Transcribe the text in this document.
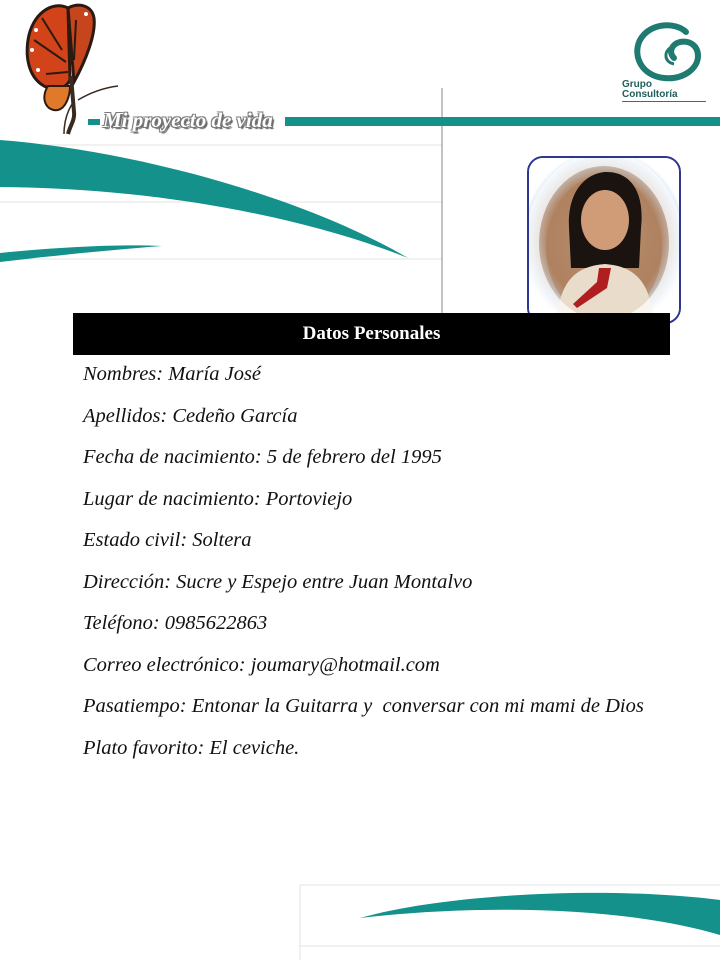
Mi proyecto de vida
Grupo
Consultoría
Datos Personales
Nombres: María José
Apellidos: Cedeño García
Fecha de nacimiento: 5 de febrero del 1995
Lugar de nacimiento: Portoviejo
Estado civil: Soltera
Dirección: Sucre y Espejo entre Juan Montalvo
Teléfono: 0985622863
Correo electrónico: joumary@hotmail.com
Pasatiempo: Entonar la Guitarra y  conversar con mi mami de Dios
Plato favorito: El ceviche.
